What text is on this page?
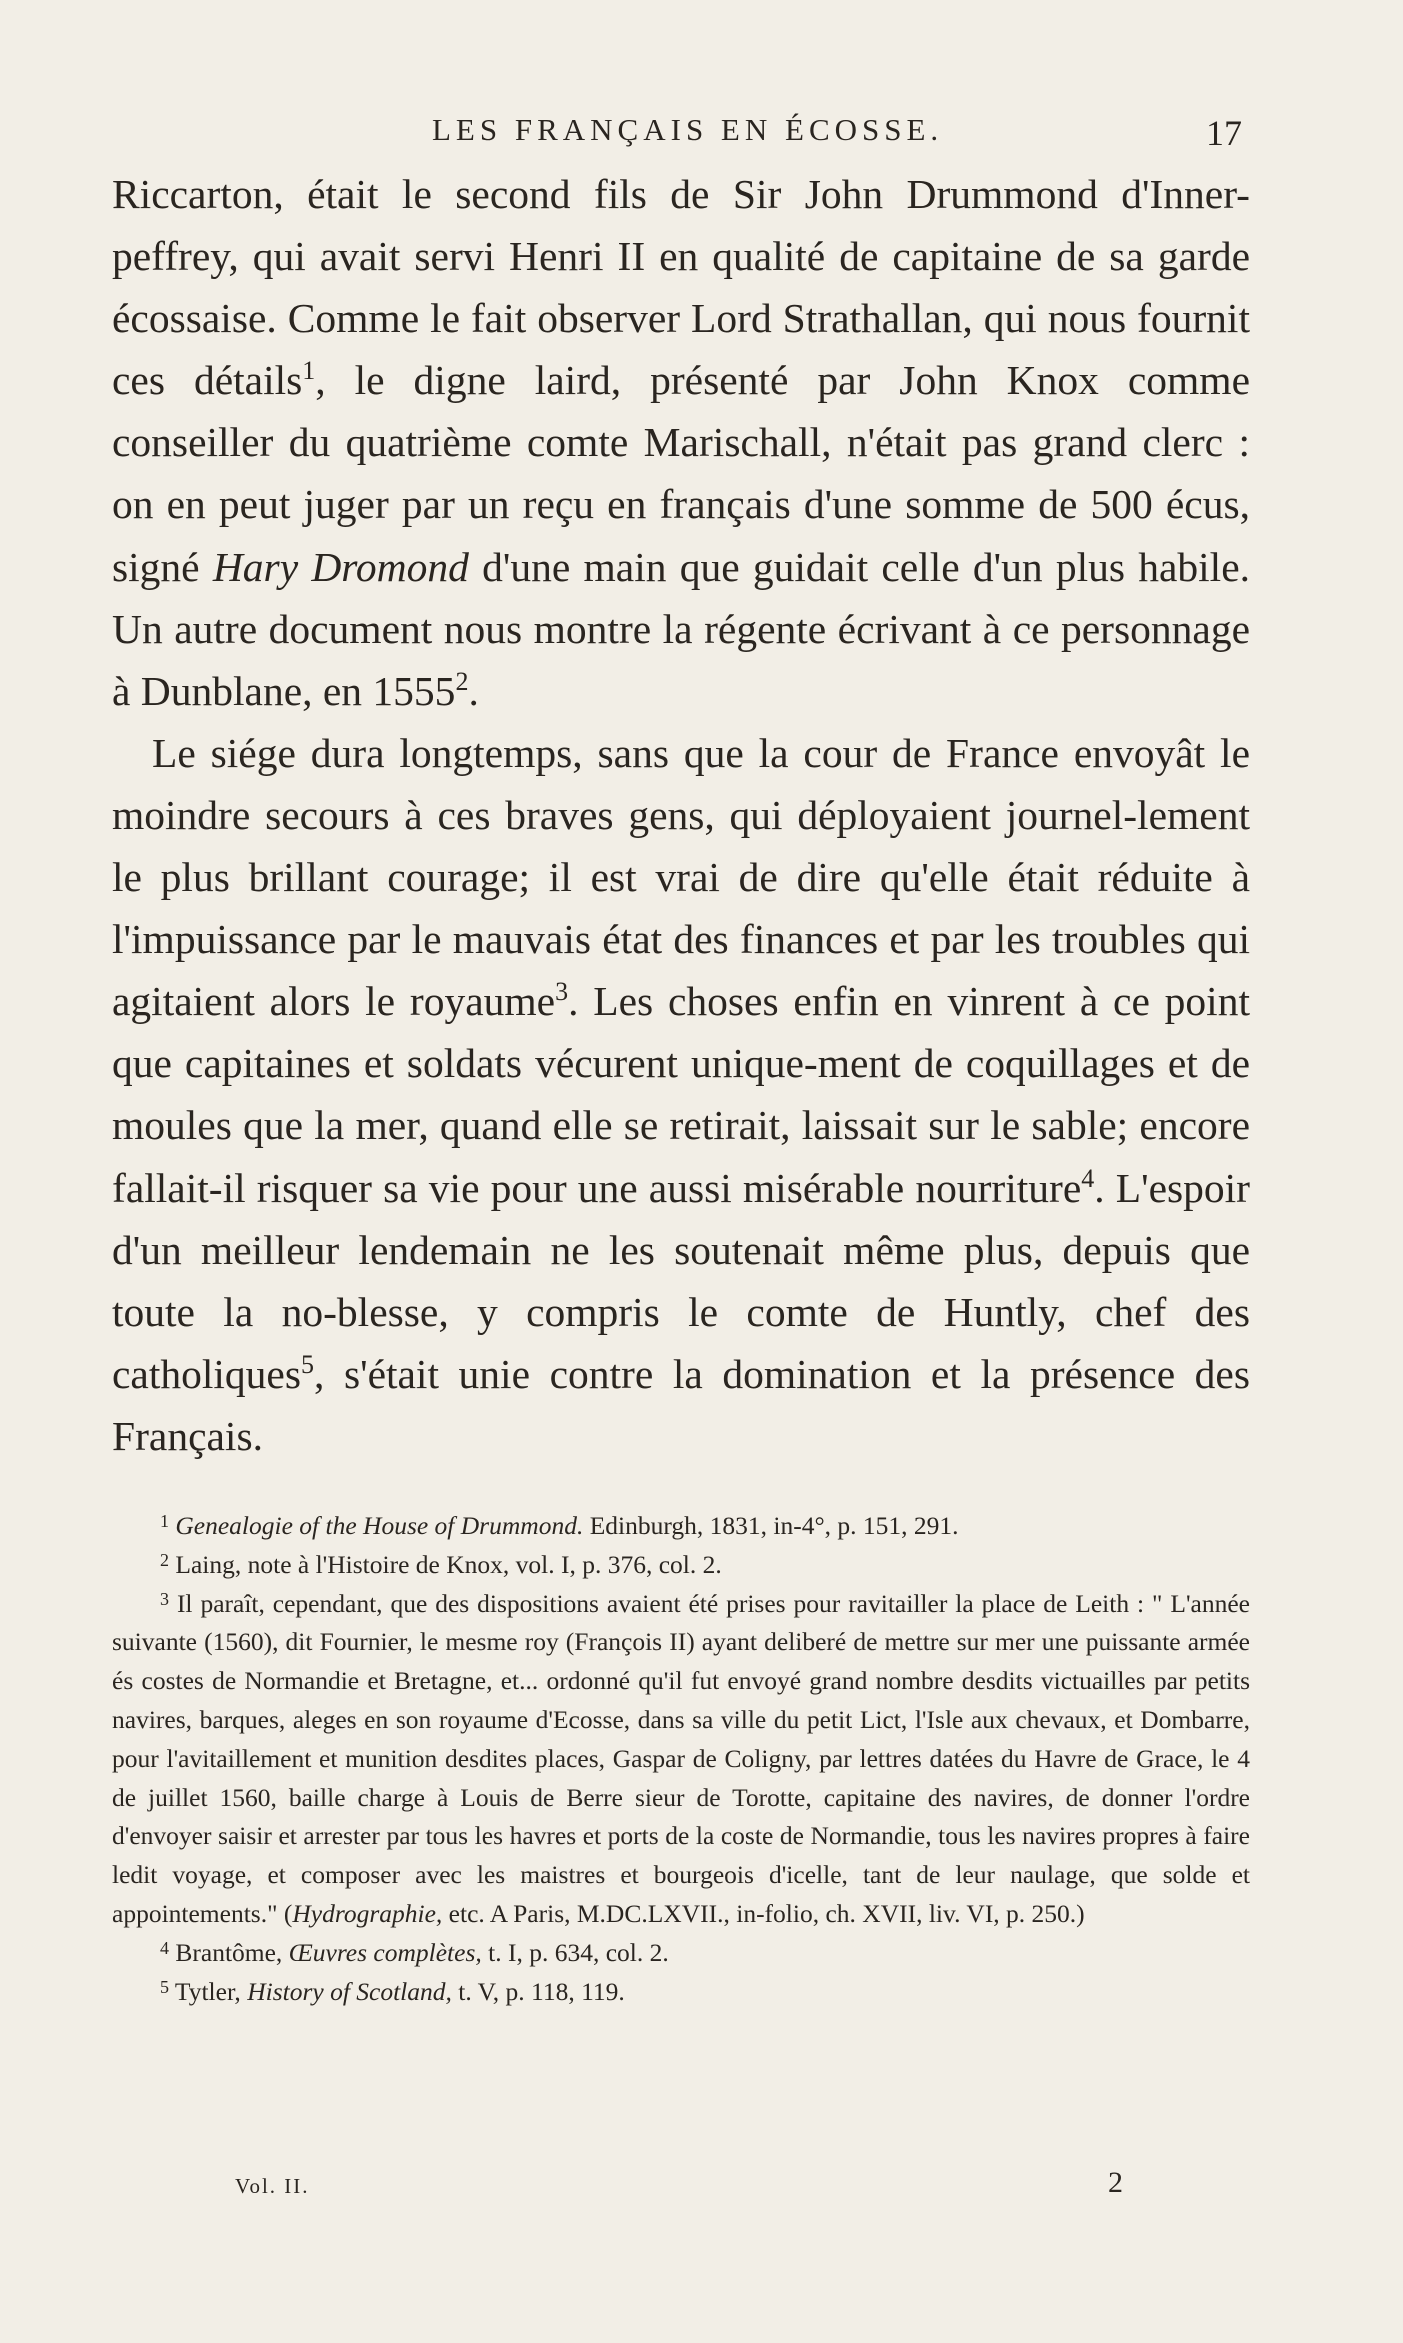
LES FRANÇAIS EN ÉCOSSE.	17

Riccarton, était le second fils de Sir John Drummond d'Inner-peffrey, qui avait servi Henri II en qualité de capitaine de sa garde écossaise. Comme le fait observer Lord Strathallan, qui nous fournit ces détails$^1$, le digne laird, présenté par John Knox comme conseiller du quatrième comte Marischall, n'était pas grand clerc : on en peut juger par un reçu en français d'une somme de 500 écus, signé Hary Dromond d'une main que guidait celle d'un plus habile. Un autre document nous montre la régente écrivant à ce personnage à Dunblane, en 1555$^2$.

Le siége dura longtemps, sans que la cour de France envoyât le moindre secours à ces braves gens, qui déployaient journel-lement le plus brillant courage; il est vrai de dire qu'elle était réduite à l'impuissance par le mauvais état des finances et par les troubles qui agitaient alors le royaume$^3$. Les choses enfin en vinrent à ce point que capitaines et soldats vécurent unique-ment de coquillages et de moules que la mer, quand elle se retirait, laissait sur le sable; encore fallait-il risquer sa vie pour une aussi misérable nourriture$^4$. L'espoir d'un meilleur lendemain ne les soutenait même plus, depuis que toute la no-blesse, y compris le comte de Huntly, chef des catholiques$^5$, s'était unie contre la domination et la présence des Français.

$^1$ Genealogie of the House of Drummond. Edinburgh, 1831, in-4°, p. 151, 291.

$^2$ Laing, note à l'Histoire de Knox, vol. I, p. 376, col. 2.

$^3$ Il paraît, cependant, que des dispositions avaient été prises pour ravitailler la place de Leith : " L'année suivante (1560), dit Fournier, le mesme roy (François II) ayant deliberé de mettre sur mer une puissante armée és costes de Normandie et Bretagne, et... ordonné qu'il fut envoyé grand nombre desdits victuailles par petits navires, barques, aleges en son royaume d'Ecosse, dans sa ville du petit Lict, l'Isle aux chevaux, et Dombarre, pour l'avitaillement et munition desdites places, Gaspar de Coligny, par lettres datées du Havre de Grace, le 4 de juillet 1560, baille charge à Louis de Berre sieur de Torotte, capitaine des navires, de donner l'ordre d'envoyer saisir et arrester par tous les havres et ports de la coste de Normandie, tous les navires propres à faire ledit voyage, et composer avec les maistres et bourgeois d'icelle, tant de leur naulage, que solde et appointements." (Hydrographie, etc. A Paris, M.DC.LXVII., in-folio, ch. XVII, liv. VI, p. 250.)

$^4$ Brantôme, Œuvres complètes, t. I, p. 634, col. 2.

$^5$ Tytler, History of Scotland, t. V, p. 118, 119.

Vol. II.	2
